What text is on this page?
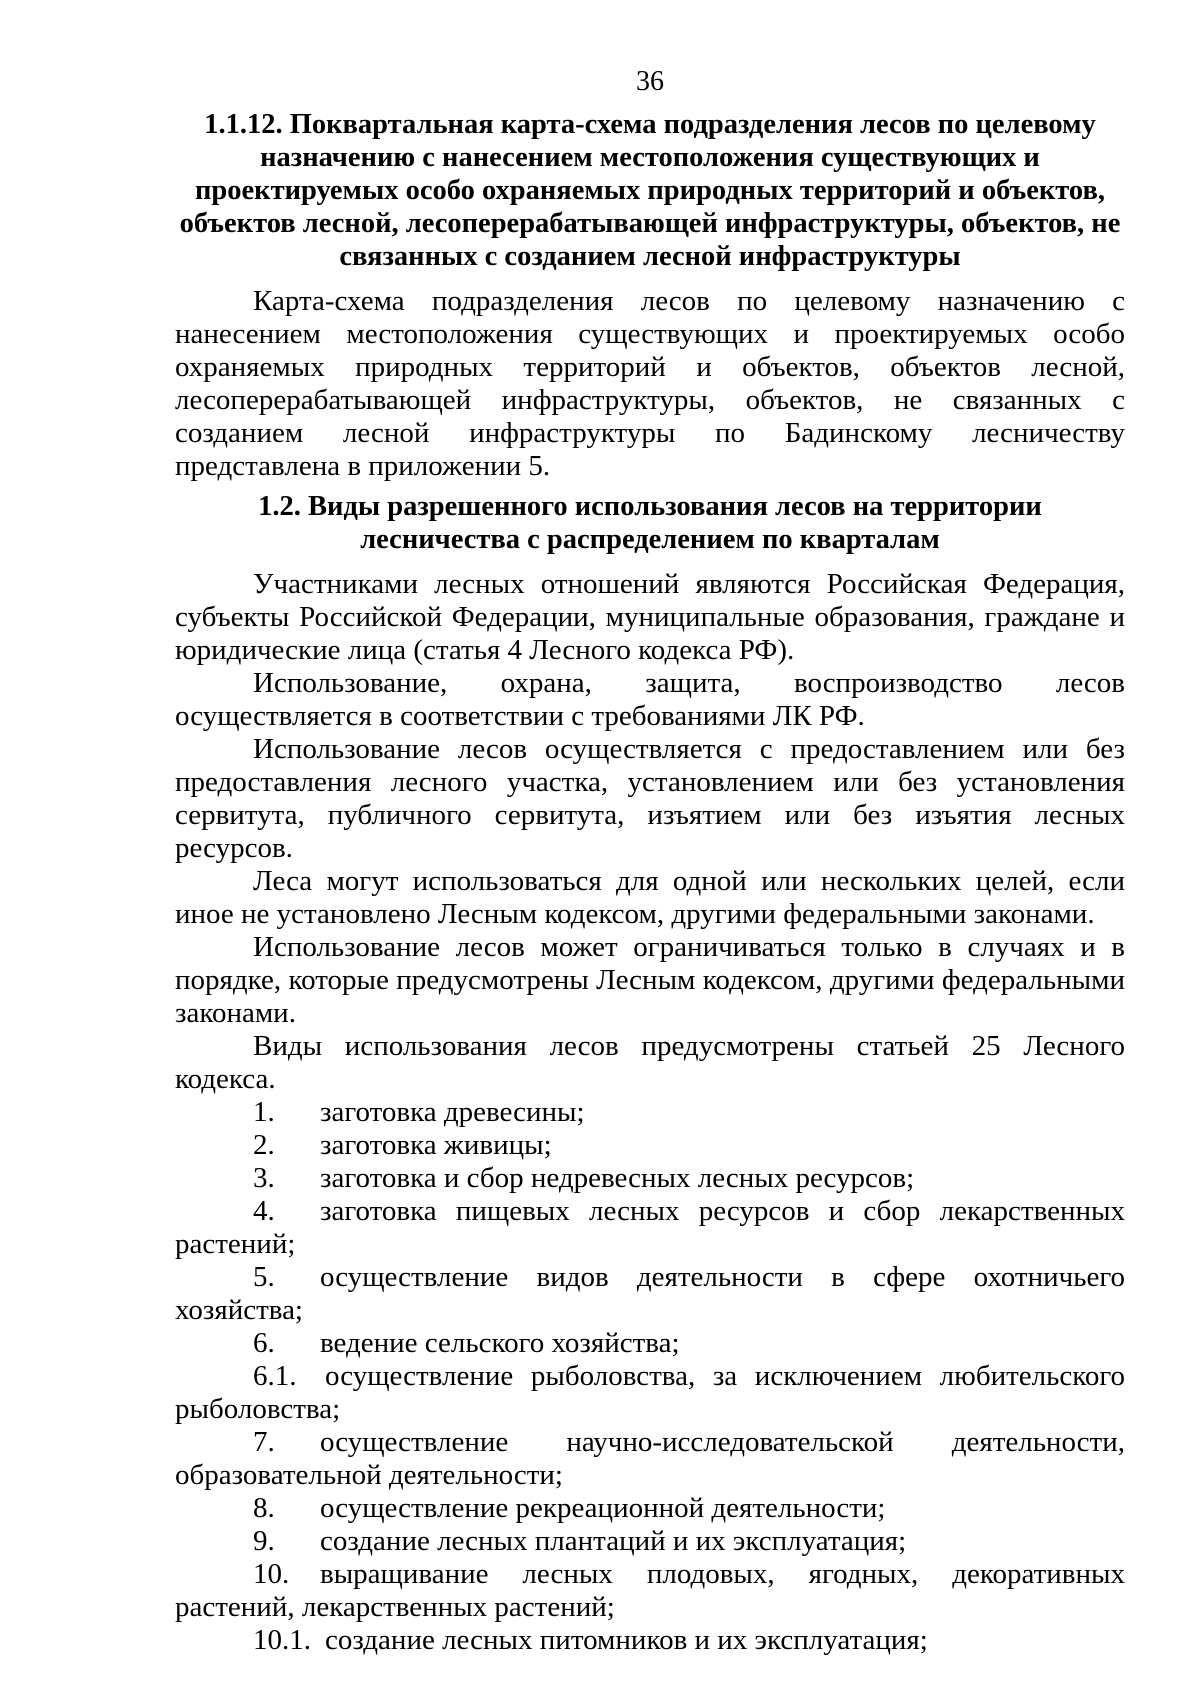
36
1.1.12. Поквартальная карта-схема подразделения лесов по целевому назначению с нанесением местоположения существующих и проектируемых особо охраняемых природных территорий и объектов, объектов лесной, лесоперерабатывающей инфраструктуры, объектов, не связанных с созданием лесной инфраструктуры

Карта-схема подразделения лесов по целевому назначению с нанесением местоположения существующих и проектируемых особо охраняемых природных территорий и объектов, объектов лесной, лесоперерабатывающей инфраструктуры, объектов, не связанных с созданием лесной инфраструктуры по Бадинскому лесничеству представлена в приложении 5.

1.2. Виды разрешенного использования лесов на территории лесничества с распределением по кварталам

Участниками лесных отношений являются Российская Федерация, субъекты Российской Федерации, муниципальные образования, граждане и юридические лица (статья 4 Лесного кодекса РФ).

Использование, охрана, защита, воспроизводство лесов осуществляется в соответствии с требованиями ЛК РФ.

Использование лесов осуществляется с предоставлением или без предоставления лесного участка, установлением или без установления сервитута, публичного сервитута, изъятием или без изъятия лесных ресурсов.

Леса могут использоваться для одной или нескольких целей, если иное не установлено Лесным кодексом, другими федеральными законами.

Использование лесов может ограничиваться только в случаях и в порядке, которые предусмотрены Лесным кодексом, другими федеральными законами.

Виды использования лесов предусмотрены статьей 25 Лесного кодекса.

1. заготовка древесины;
2. заготовка живицы;
3. заготовка и сбор недревесных лесных ресурсов;
4. заготовка пищевых лесных ресурсов и сбор лекарственных растений;
5. осуществление видов деятельности в сфере охотничьего хозяйства;
6. ведение сельского хозяйства;
6.1. осуществление рыболовства, за исключением любительского рыболовства;
7. осуществление научно-исследовательской деятельности, образовательной деятельности;
8. осуществление рекреационной деятельности;
9. создание лесных плантаций и их эксплуатация;
10. выращивание лесных плодовых, ягодных, декоративных растений, лекарственных растений;
10.1. создание лесных питомников и их эксплуатация;
